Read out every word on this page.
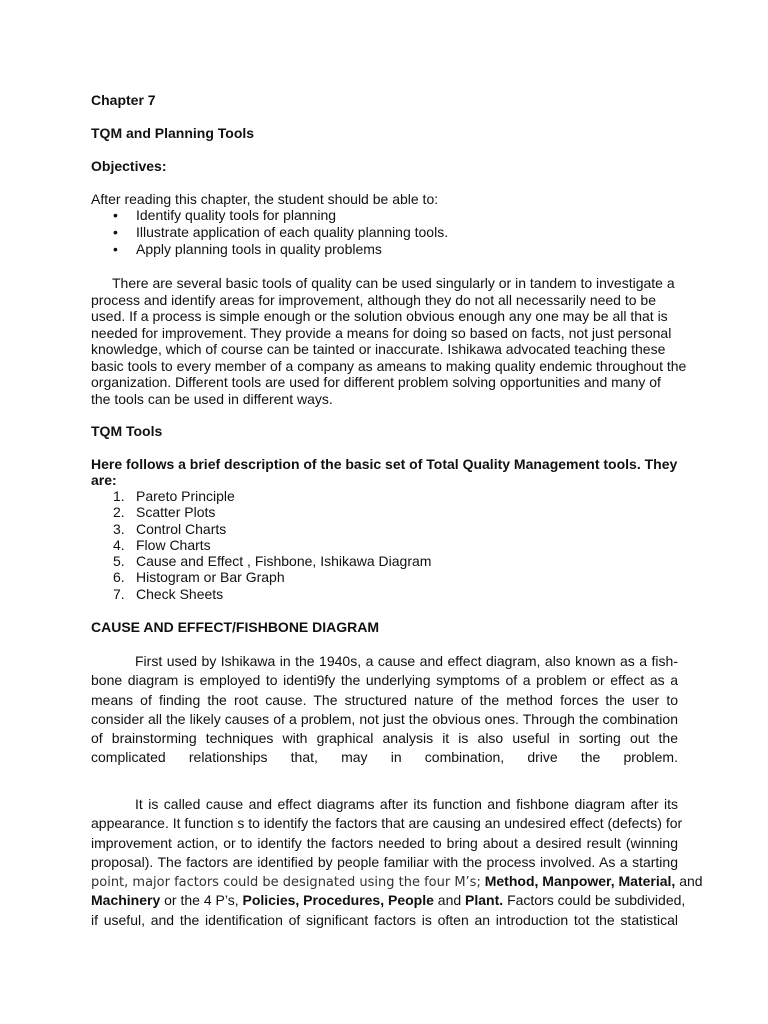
Chapter 7
TQM and Planning Tools
Objectives:
After reading this chapter, the student should be able to:
• Identify quality tools for planning
• Illustrate application of each quality planning tools.
• Apply planning tools in quality problems
There are several basic tools of quality can be used singularly or in tandem to investigate a
process and identify areas for improvement, although they do not all necessarily need to be
used. If a process is simple enough or the solution obvious enough any one may be all that is
needed for improvement. They provide a means for doing so based on facts, not just personal
knowledge, which of course can be tainted or inaccurate. Ishikawa advocated teaching these
basic tools to every member of a company as ameans to making quality endemic throughout the
organization. Different tools are used for different problem solving opportunities and many of
the tools can be used in different ways.
TQM Tools
Here follows a brief description of the basic set of Total Quality Management tools. They
are:
1. Pareto Principle
2. Scatter Plots
3. Control Charts
4. Flow Charts
5. Cause and Effect , Fishbone, Ishikawa Diagram
6. Histogram or Bar Graph
7. Check Sheets
CAUSE AND EFFECT/FISHBONE DIAGRAM
First used by Ishikawa in the 1940s, a cause and effect diagram, also known as a fish-
bone diagram is employed to identi9fy the underlying symptoms of a problem or effect as a
means of finding the root cause. The structured nature of the method forces the user to
consider all the likely causes of a problem, not just the obvious ones. Through the combination
of brainstorming techniques with graphical analysis it is also useful in sorting out the
complicated relationships that, may in combination, drive the problem.
It is called cause and effect diagrams after its function and fishbone diagram after its
appearance. It function s to identify the factors that are causing an undesired effect (defects) for
improvement action, or to identify the factors needed to bring about a desired result (winning
proposal). The factors are identified by people familiar with the process involved. As a starting
point, major factors could be designated using the four M’s; Method, Manpower, Material, and
Machinery or the 4 P’s, Policies, Procedures, People and Plant. Factors could be subdivided,
if useful, and the identification of significant factors is often an introduction tot the statistical
